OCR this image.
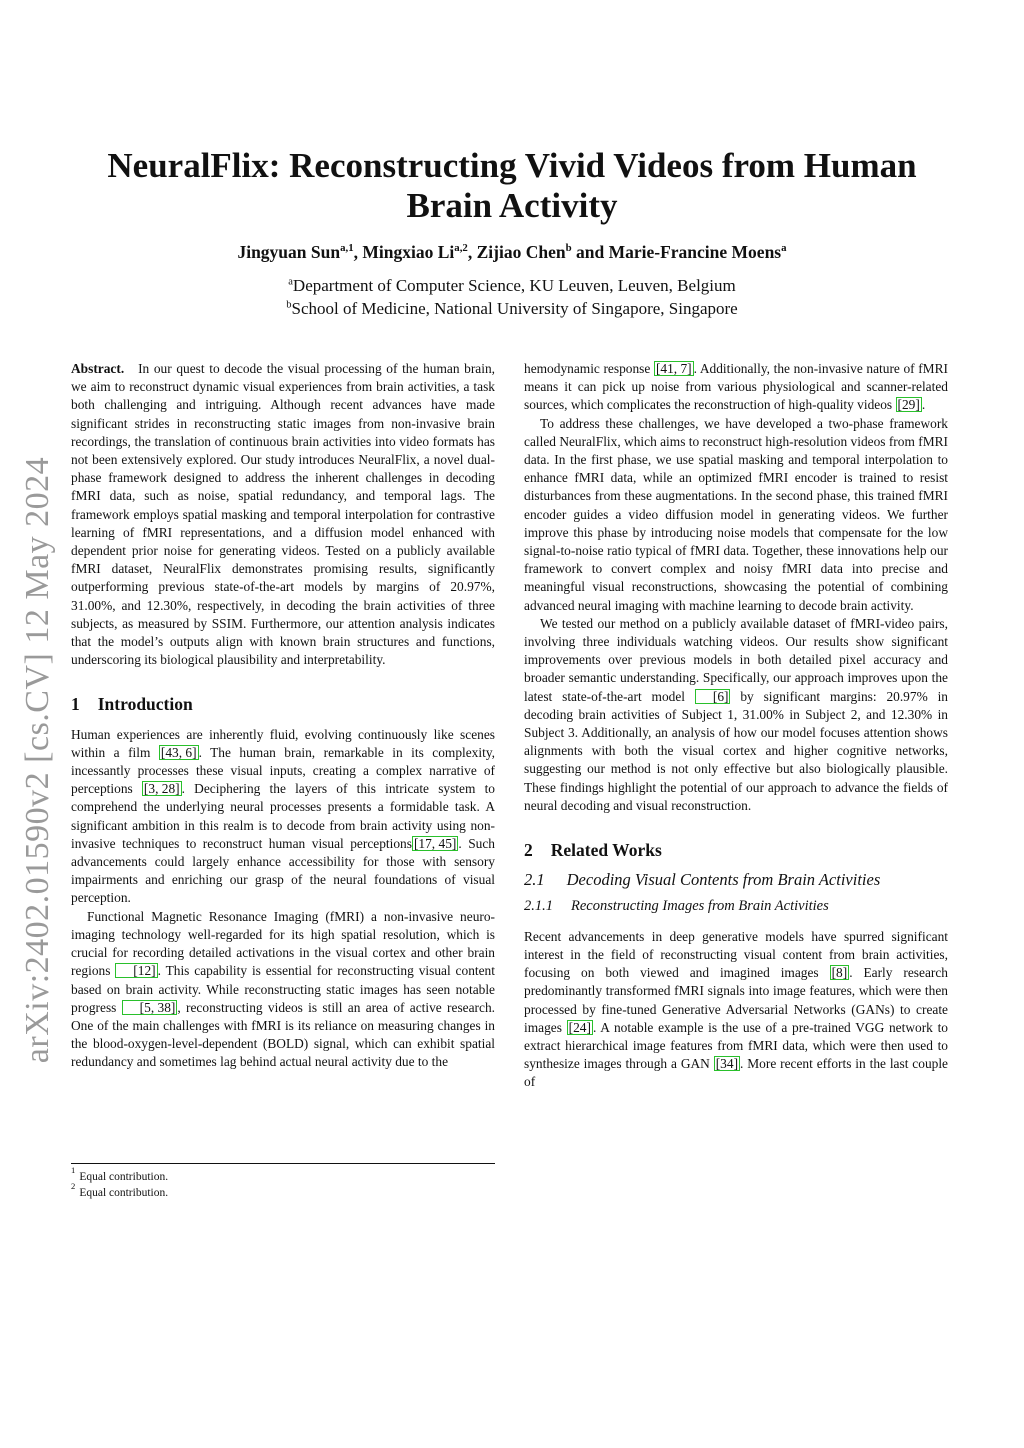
arXiv:2402.01590v2 [cs.CV] 12 May 2024
NeuralFlix: Reconstructing Vivid Videos from Human Brain Activity
Jingyuan Sun$^{a,1}$, Mingxiao Li$^{a,2}$, Zijiao Chen$^b$ and Marie-Francine Moens$^a$
$^a$Department of Computer Science, KU Leuven, Leuven, Belgium
$^b$School of Medicine, National University of Singapore, Singapore

Abstract. In our quest to decode the visual processing of the human brain, we aim to reconstruct dynamic visual experiences from brain activities, a task both challenging and intriguing. Although recent advances have made significant strides in reconstructing static images from non-invasive brain recordings, the translation of continuous brain activities into video formats has not been extensively explored. Our study introduces NeuralFlix, a novel dual-phase framework designed to address the inherent challenges in decoding fMRI data, such as noise, spatial redundancy, and temporal lags. The framework employs spatial masking and temporal interpolation for contrastive learning of fMRI representations, and a diffusion model enhanced with dependent prior noise for generating videos. Tested on a publicly available fMRI dataset, NeuralFlix demonstrates promising results, significantly outperforming previous state-of-the-art models by margins of 20.97%, 31.00%, and 12.30%, respectively, in decoding the brain activities of three subjects, as measured by SSIM. Furthermore, our attention analysis indicates that the model’s outputs align with known brain structures and functions, underscoring its biological plausibility and interpretability.

1 Introduction

Human experiences are inherently fluid, evolving continuously like scenes within a film [43, 6] . The human brain, remarkable in its complexity, incessantly processes these visual inputs, creating a complex narrative of perceptions [3, 28] . Deciphering the layers of this intricate system to comprehend the underlying neural processes presents a formidable task. A significant ambition in this realm is to decode from brain activity using non-invasive techniques to reconstruct human visual perceptions [17, 45] . Such advancements could largely enhance accessibility for those with sensory impairments and enriching our grasp of the neural foundations of visual perception.

Functional Magnetic Resonance Imaging (fMRI) a non-invasive neuro-imaging technology well-regarded for its high spatial resolution, which is crucial for recording detailed activations in the visual cortex and other brain regions [12] . This capability is essential for reconstructing visual content based on brain activity. While reconstructing static images has seen notable progress [5, 38] , reconstructing videos is still an area of active research. One of the main challenges with fMRI is its reliance on measuring changes in the blood-oxygen-level-dependent (BOLD) signal, which can exhibit spatial redundancy and sometimes lag behind actual neural activity due to the

hemodynamic response [41, 7] . Additionally, the non-invasive nature of fMRI means it can pick up noise from various physiological and scanner-related sources, which complicates the reconstruction of high-quality videos [29] .

To address these challenges, we have developed a two-phase framework called NeuralFlix, which aims to reconstruct high-resolution videos from fMRI data. In the first phase, we use spatial masking and temporal interpolation to enhance fMRI data, while an optimized fMRI encoder is trained to resist disturbances from these augmentations. In the second phase, this trained fMRI encoder guides a video diffusion model in generating videos. We further improve this phase by introducing noise models that compensate for the low signal-to-noise ratio typical of fMRI data. Together, these innovations help our framework to convert complex and noisy fMRI data into precise and meaningful visual reconstructions, showcasing the potential of combining advanced neural imaging with machine learning to decode brain activity.

We tested our method on a publicly available dataset of fMRI-video pairs, involving three individuals watching videos. Our results show significant improvements over previous models in both detailed pixel accuracy and broader semantic understanding. Specifically, our approach improves upon the latest state-of-the-art model [6] by significant margins: 20.97% in decoding brain activities of Subject 1, 31.00% in Subject 2, and 12.30% in Subject 3. Additionally, an analysis of how our model focuses attention shows alignments with both the visual cortex and higher cognitive networks, suggesting our method is not only effective but also biologically plausible. These findings highlight the potential of our approach to advance the fields of neural decoding and visual reconstruction.

2 Related Works
2.1 Decoding Visual Contents from Brain Activities
2.1.1 Reconstructing Images from Brain Activities

Recent advancements in deep generative models have spurred significant interest in the field of reconstructing visual content from brain activities, focusing on both viewed and imagined images [8] . Early research predominantly transformed fMRI signals into image features, which were then processed by fine-tuned Generative Adversarial Networks (GANs) to create images [24] . A notable example is the use of a pre-trained VGG network to extract hierarchical image features from fMRI data, which were then used to synthesize images through a GAN [34] . More recent efforts in the last couple of

1
Equal contribution.
2
Equal contribution.
